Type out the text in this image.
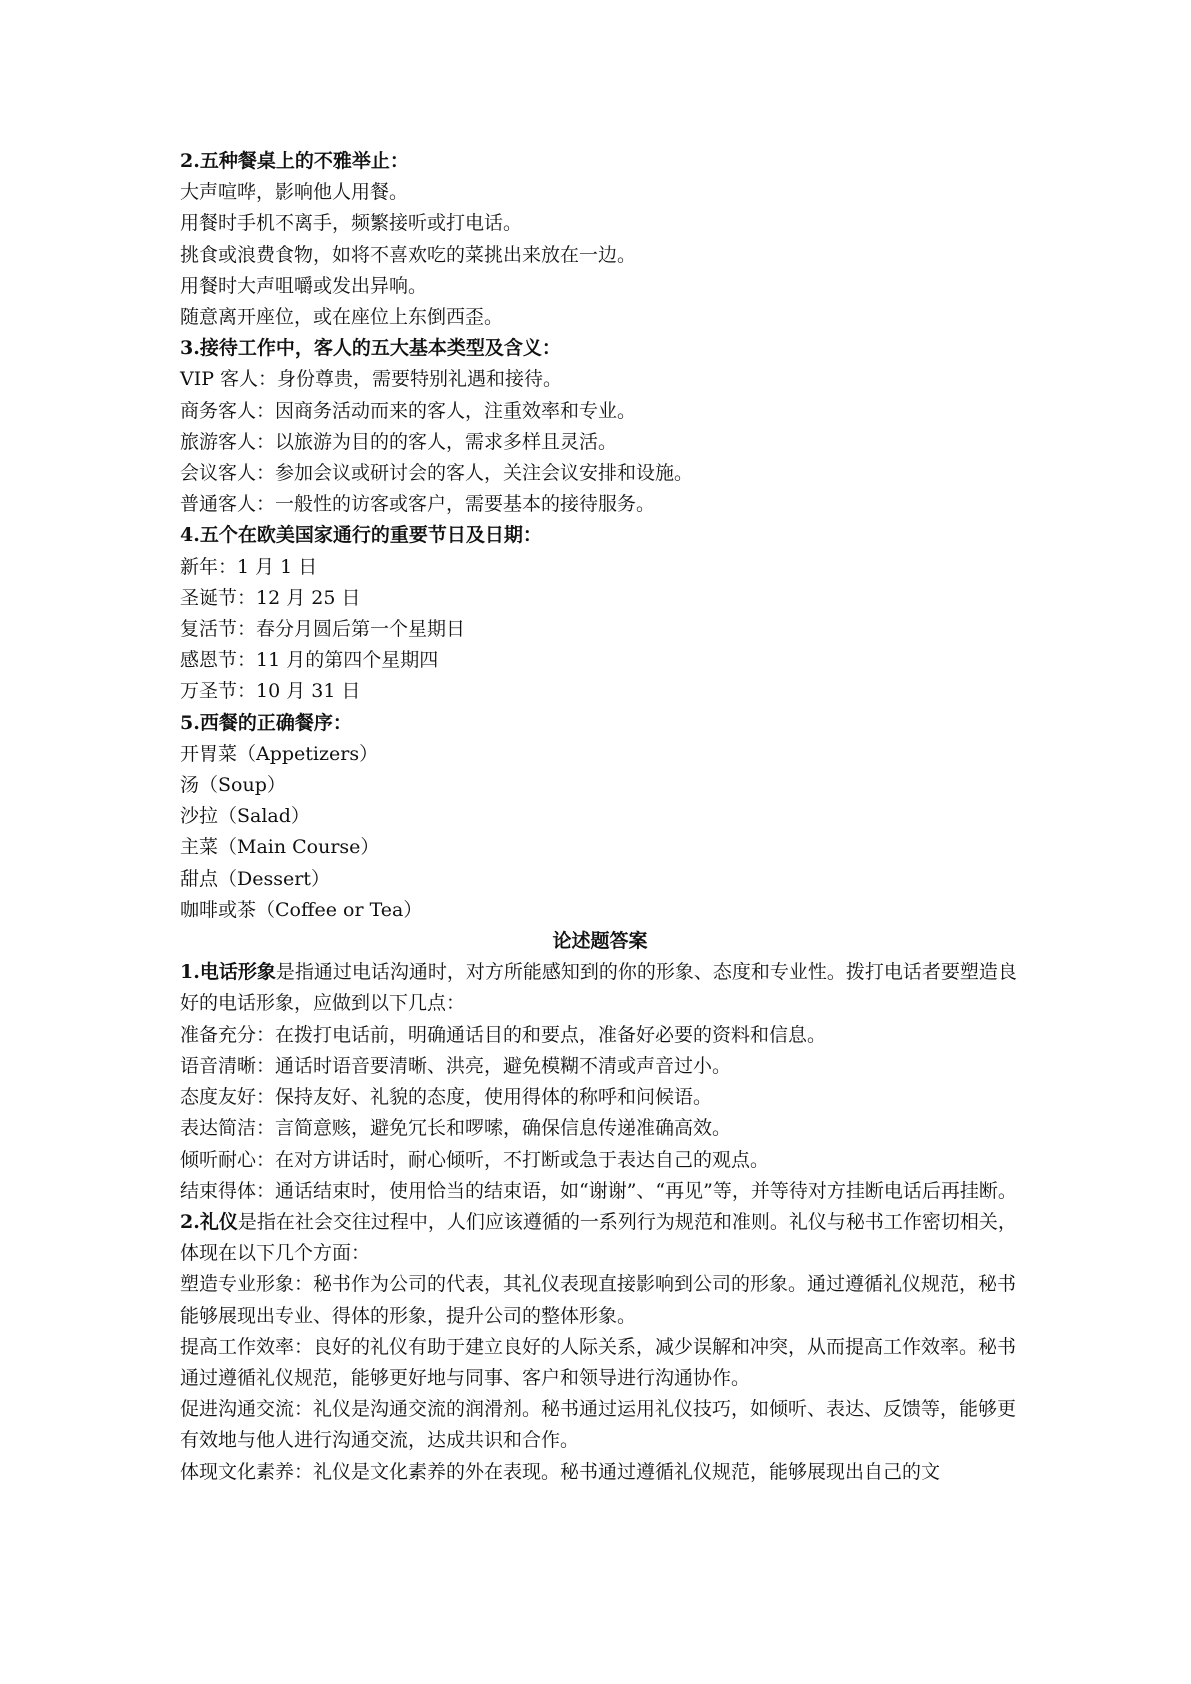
2.五种餐桌上的不雅举止：
大声喧哗，影响他人用餐。
用餐时手机不离手，频繁接听或打电话。
挑食或浪费食物，如将不喜欢吃的菜挑出来放在一边。
用餐时大声咀嚼或发出异响。
随意离开座位，或在座位上东倒西歪。
3.接待工作中，客人的五大基本类型及含义：
VIP 客人：身份尊贵，需要特别礼遇和接待。
商务客人：因商务活动而来的客人，注重效率和专业。
旅游客人：以旅游为目的的客人，需求多样且灵活。
会议客人：参加会议或研讨会的客人，关注会议安排和设施。
普通客人：一般性的访客或客户，需要基本的接待服务。
4.五个在欧美国家通行的重要节日及日期：
新年：1 月 1 日
圣诞节：12 月 25 日
复活节：春分月圆后第一个星期日
感恩节：11 月的第四个星期四
万圣节：10 月 31 日
5.西餐的正确餐序：
开胃菜（Appetizers）
汤（Soup）
沙拉（Salad）
主菜（Main Course）
甜点（Dessert）
咖啡或茶（Coffee or Tea）
论述题答案
1.电话形象是指通过电话沟通时，对方所能感知到的你的形象、态度和专业性。拨打电话者要塑造良好的电话形象，应做到以下几点：
准备充分：在拨打电话前，明确通话目的和要点，准备好必要的资料和信息。
语音清晰：通话时语音要清晰、洪亮，避免模糊不清或声音过小。
态度友好：保持友好、礼貌的态度，使用得体的称呼和问候语。
表达简洁：言简意赅，避免冗长和啰嗦，确保信息传递准确高效。
倾听耐心：在对方讲话时，耐心倾听，不打断或急于表达自己的观点。
结束得体：通话结束时，使用恰当的结束语，如“谢谢”、“再见”等，并等待对方挂断电话后再挂断。
2.礼仪是指在社会交往过程中，人们应该遵循的一系列行为规范和准则。礼仪与秘书工作密切相关，体现在以下几个方面：
塑造专业形象：秘书作为公司的代表，其礼仪表现直接影响到公司的形象。通过遵循礼仪规范，秘书能够展现出专业、得体的形象，提升公司的整体形象。
提高工作效率：良好的礼仪有助于建立良好的人际关系，减少误解和冲突，从而提高工作效率。秘书通过遵循礼仪规范，能够更好地与同事、客户和领导进行沟通协作。
促进沟通交流：礼仪是沟通交流的润滑剂。秘书通过运用礼仪技巧，如倾听、表达、反馈等，能够更有效地与他人进行沟通交流，达成共识和合作。
体现文化素养：礼仪是文化素养的外在表现。秘书通过遵循礼仪规范，能够展现出自己的文
